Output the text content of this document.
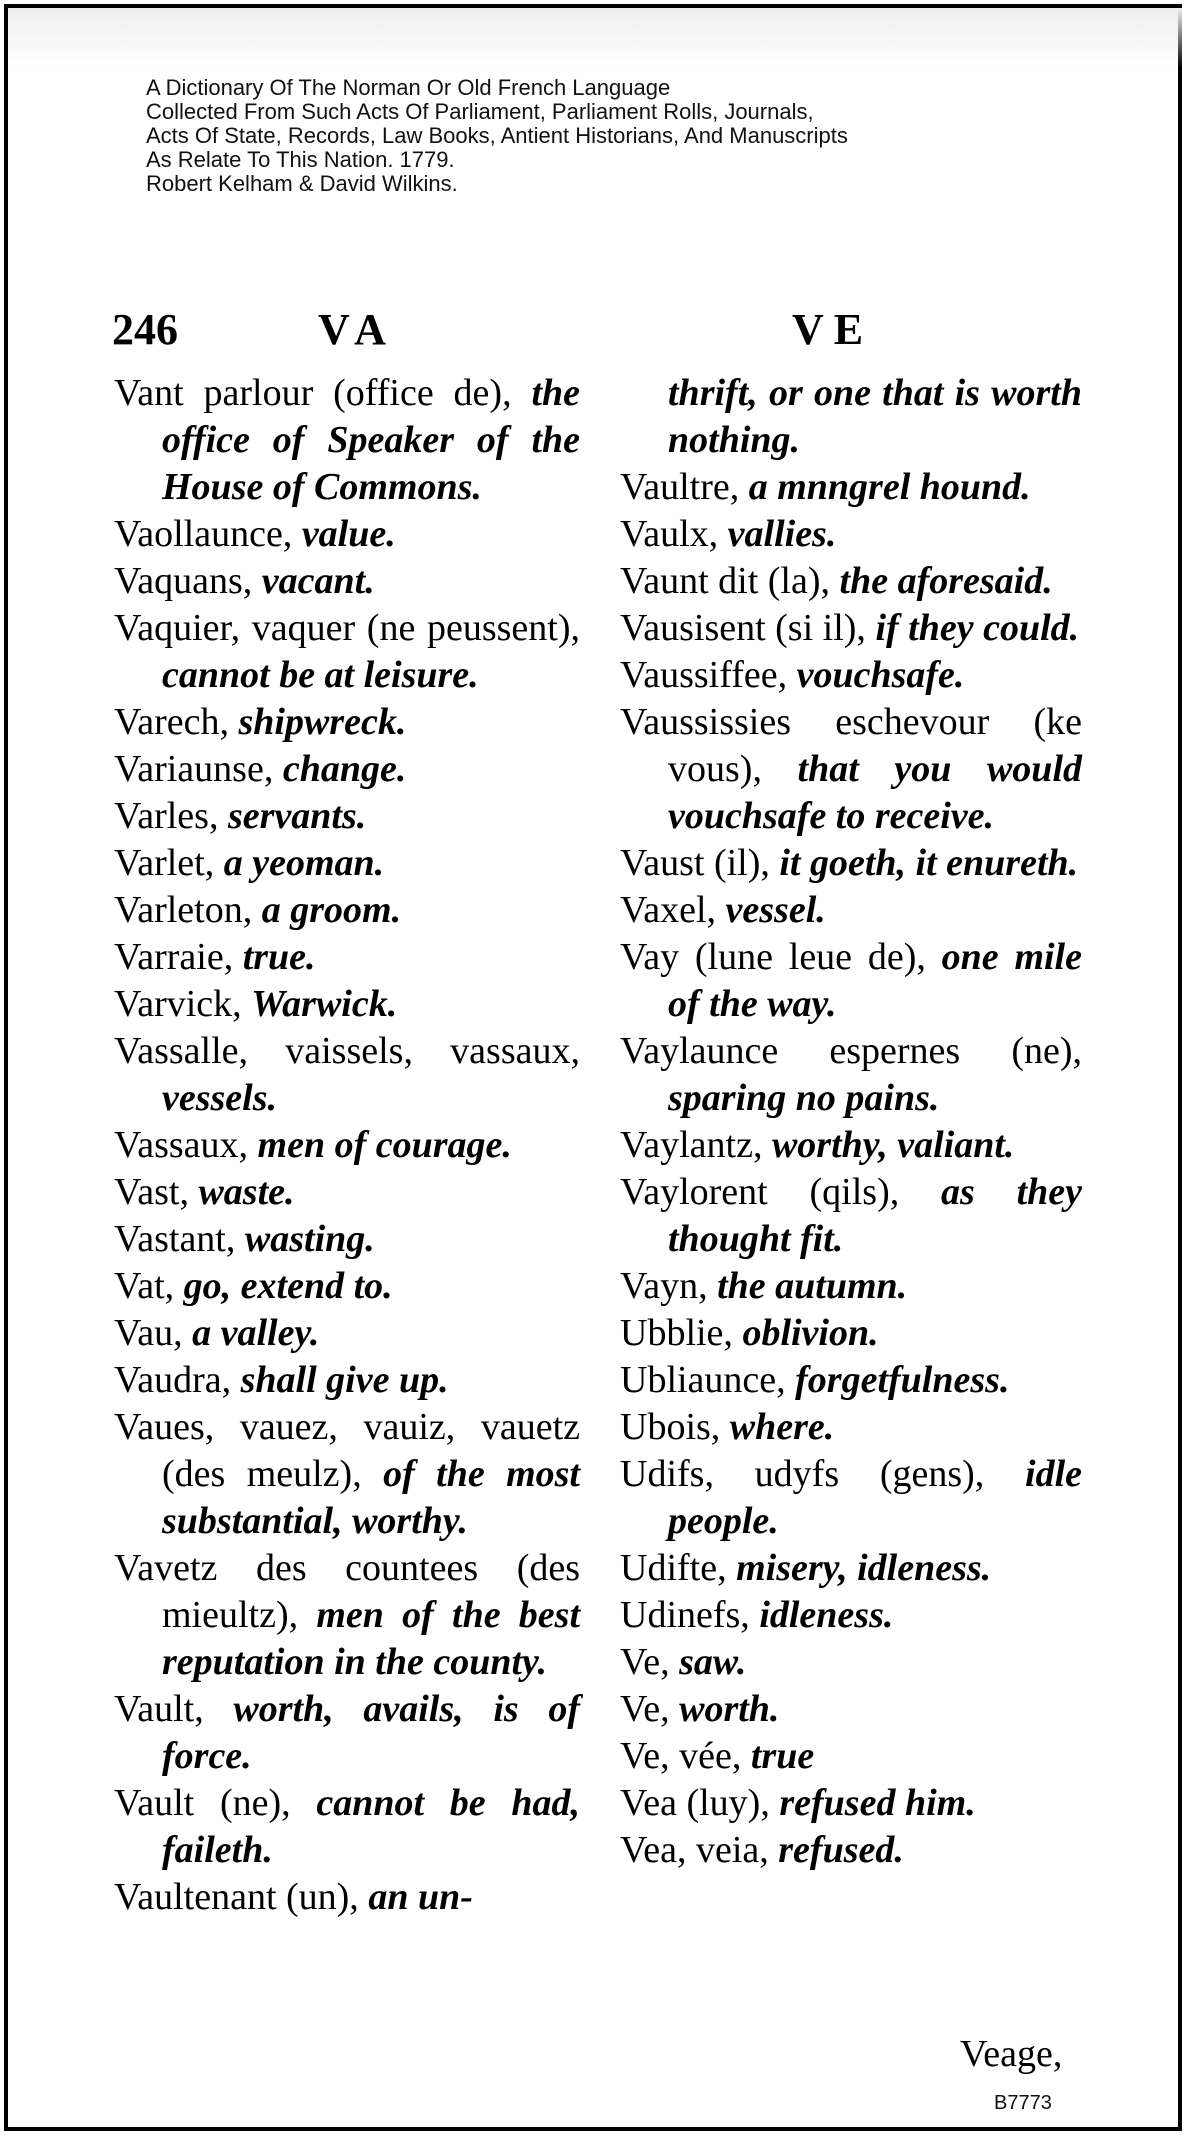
A Dictionary Of The Norman Or Old French Language
Collected From Such Acts Of Parliament, Parliament Rolls, Journals,
Acts Of State, Records, Law Books, Antient Historians, And Manuscripts
As Relate To This Nation. 1779.
Robert Kelham & David Wilkins.
246	VA	VE

Vant parlour (office de), the office of Speaker of the House of Commons.

Vaollaunce, value.

Vaquans, vacant.

Vaquier, vaquer (ne peussent), cannot be at leisure.

Varech, shipwreck.

Variaunse, change.

Varles, servants.

Varlet, a yeoman.

Varleton, a groom.

Varraie, true.

Varvick, Warwick.

Vassalle, vaissels, vassaux, vessels.

Vassaux, men of courage.

Vast, waste.

Vastant, wasting.

Vat, go, extend to.

Vau, a valley.

Vaudra, shall give up.

Vaues, vauez, vauiz, vauetz (des meulz), of the most substantial, worthy.

Vavetz des countees (des mieultz), men of the best reputation in the county.

Vault, worth, avails, is of force.

Vault (ne), cannot be had, faileth.

Vaultenant (un), an un-

thrift, or one that is worth nothing.

Vaultre, a mnngrel hound.

Vaulx, vallies.

Vaunt dit (la), the aforesaid.

Vausisent (si il), if they could.

Vaussiffee, vouchsafe.

Vaussissies eschevour (ke vous), that you would vouchsafe to receive.

Vaust (il), it goeth, it enureth.

Vaxel, vessel.

Vay (lune leue de), one mile of the way.

Vaylaunce espernes (ne), sparing no pains.

Vaylantz, worthy, valiant.

Vaylorent (qils), as they thought fit.

Vayn, the autumn.

Ubblie, oblivion.

Ubliaunce, forgetfulness.

Ubois, where.

Udifs, udyfs (gens), idle people.

Udifte, misery, idleness.

Udinefs, idleness.

Ve, saw.

Ve, worth.

Ve, vée, true

Vea (luy), refused him.

Vea, veia, refused.

Veage,
B7773
